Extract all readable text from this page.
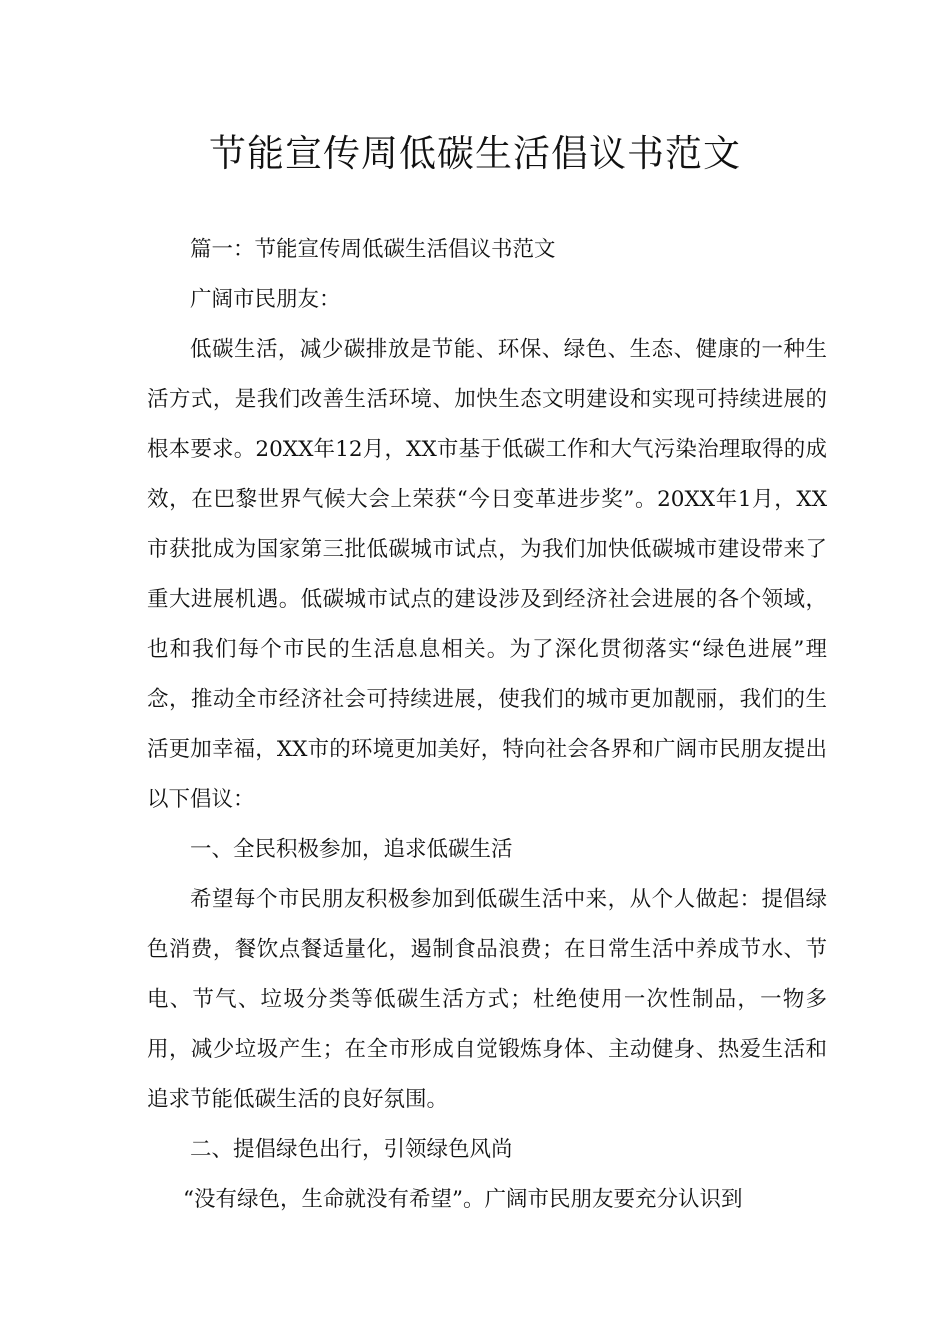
节能宣传周低碳生活倡议书范文

篇一：节能宣传周低碳生活倡议书范文

广阔市民朋友：

低碳生活，减少碳排放是节能、环保、绿色、生态、健康的一种生活方式，是我们改善生活环境、加快生态文明建设和实现可持续进展的根本要求。20XX年12月，XX市基于低碳工作和大气污染治理取得的成效，在巴黎世界气候大会上荣获“今日变革进步奖”。20XX年1月，XX市获批成为国家第三批低碳城市试点，为我们加快低碳城市建设带来了重大进展机遇。低碳城市试点的建设涉及到经济社会进展的各个领域，也和我们每个市民的生活息息相关。为了深化贯彻落实“绿色进展”理念，推动全市经济社会可持续进展，使我们的城市更加靓丽，我们的生活更加幸福，XX市的环境更加美好，特向社会各界和广阔市民朋友提出以下倡议：

一、全民积极参加，追求低碳生活

希望每个市民朋友积极参加到低碳生活中来，从个人做起：提倡绿色消费，餐饮点餐适量化，遏制食品浪费；在日常生活中养成节水、节电、节气、垃圾分类等低碳生活方式；杜绝使用一次性制品，一物多用，减少垃圾产生；在全市形成自觉锻炼身体、主动健身、热爱生活和追求节能低碳生活的良好氛围。

二、提倡绿色出行，引领绿色风尚

“没有绿色，生命就没有希望”。广阔市民朋友要充分认识到
